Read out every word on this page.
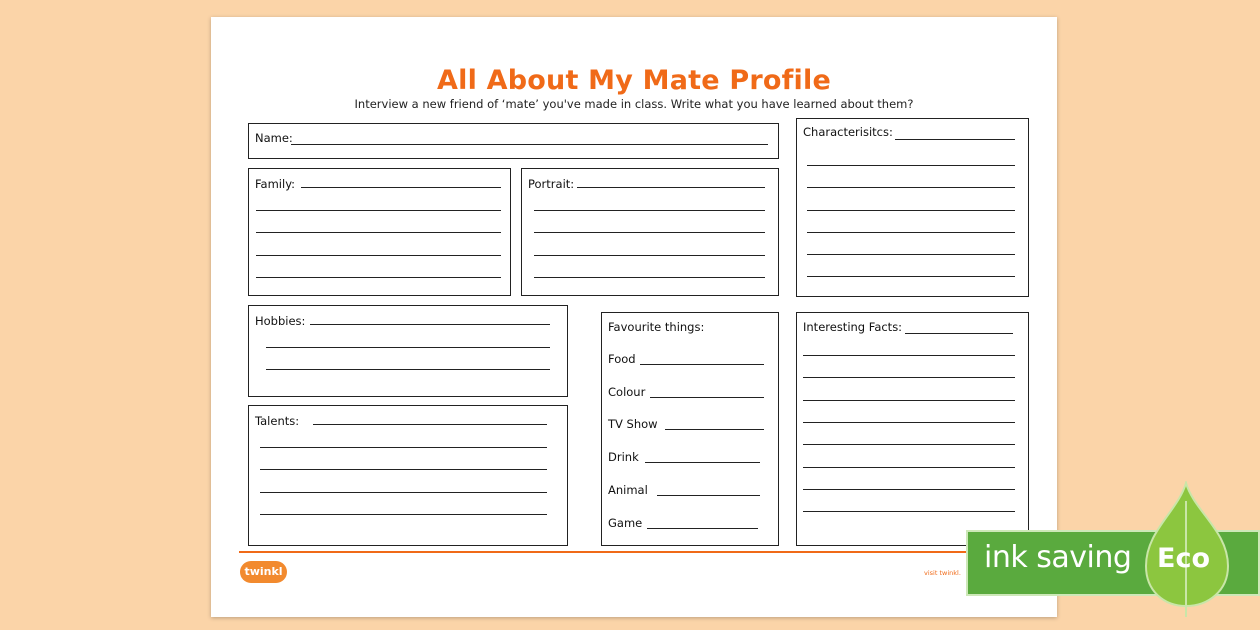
All About My Mate Profile
Interview a new friend of ‘mate’ you've made in class. Write what you have learned about them?
Name:
Family:	Portrait:
Characterisitcs:
Hobbies:
Talents:
Favourite things:
Food
Colour
TV Show
Drink
Animal
Game
Interesting Facts:
twinkl	visit twinkl. ink saving Eco
